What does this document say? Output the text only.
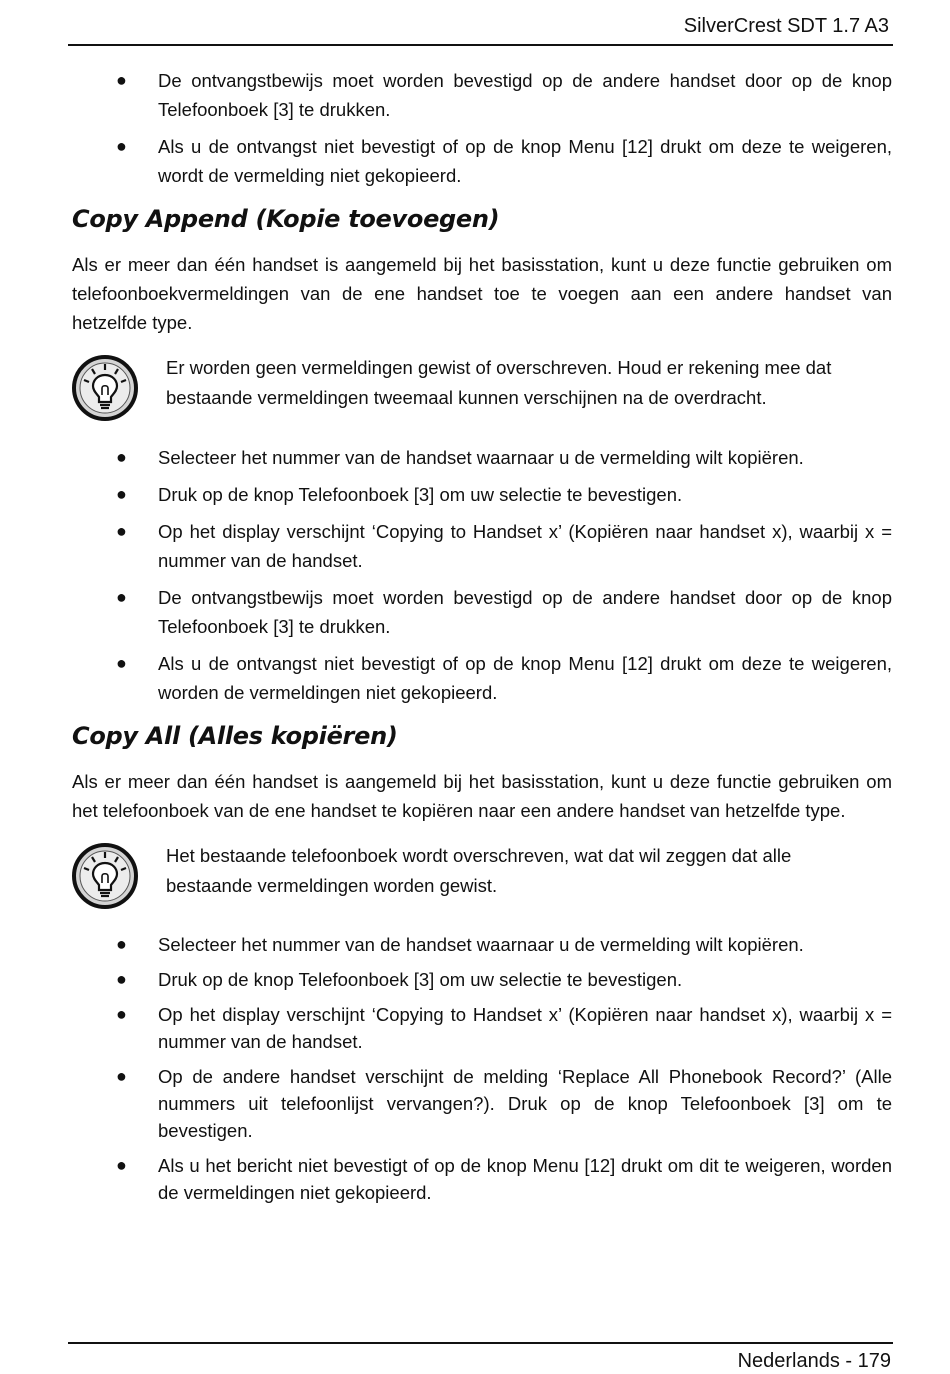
SilverCrest SDT 1.7 A3
● De ontvangstbewijs moet worden bevestigd op de andere handset door op de knop Telefoonboek [3] te drukken.
● Als u de ontvangst niet bevestigt of op de knop Menu [12] drukt om deze te weigeren, wordt de vermelding niet gekopieerd.
Copy Append (Kopie toevoegen)

Als er meer dan één handset is aangemeld bij het basisstation, kunt u deze functie gebruiken om telefoonboekvermeldingen van de ene handset toe te voegen aan een andere handset van hetzelfde type.

Er worden geen vermeldingen gewist of overschreven. Houd er rekening mee dat bestaande vermeldingen tweemaal kunnen verschijnen na de overdracht.
● Selecteer het nummer van de handset waarnaar u de vermelding wilt kopiëren.
● Druk op de knop Telefoonboek [3] om uw selectie te bevestigen.
● Op het display verschijnt ‘Copying to Handset x’ (Kopiëren naar handset x), waarbij x = nummer van de handset.
● De ontvangstbewijs moet worden bevestigd op de andere handset door op de knop Telefoonboek [3] te drukken.
● Als u de ontvangst niet bevestigt of op de knop Menu [12] drukt om deze te weigeren, worden de vermeldingen niet gekopieerd.
Copy All (Alles kopiëren)

Als er meer dan één handset is aangemeld bij het basisstation, kunt u deze functie gebruiken om het telefoonboek van de ene handset te kopiëren naar een andere handset van hetzelfde type.

Het bestaande telefoonboek wordt overschreven, wat dat wil zeggen dat alle bestaande vermeldingen worden gewist.
● Selecteer het nummer van de handset waarnaar u de vermelding wilt kopiëren.
● Druk op de knop Telefoonboek [3] om uw selectie te bevestigen.
● Op het display verschijnt ‘Copying to Handset x’ (Kopiëren naar handset x), waarbij x = nummer van de handset.
● Op de andere handset verschijnt de melding ‘Replace All Phonebook Record?’ (Alle nummers uit telefoonlijst vervangen?). Druk op de knop Telefoonboek [3] om te bevestigen.
● Als u het bericht niet bevestigt of op de knop Menu [12] drukt om dit te weigeren, worden de vermeldingen niet gekopieerd.
Nederlands - 179
